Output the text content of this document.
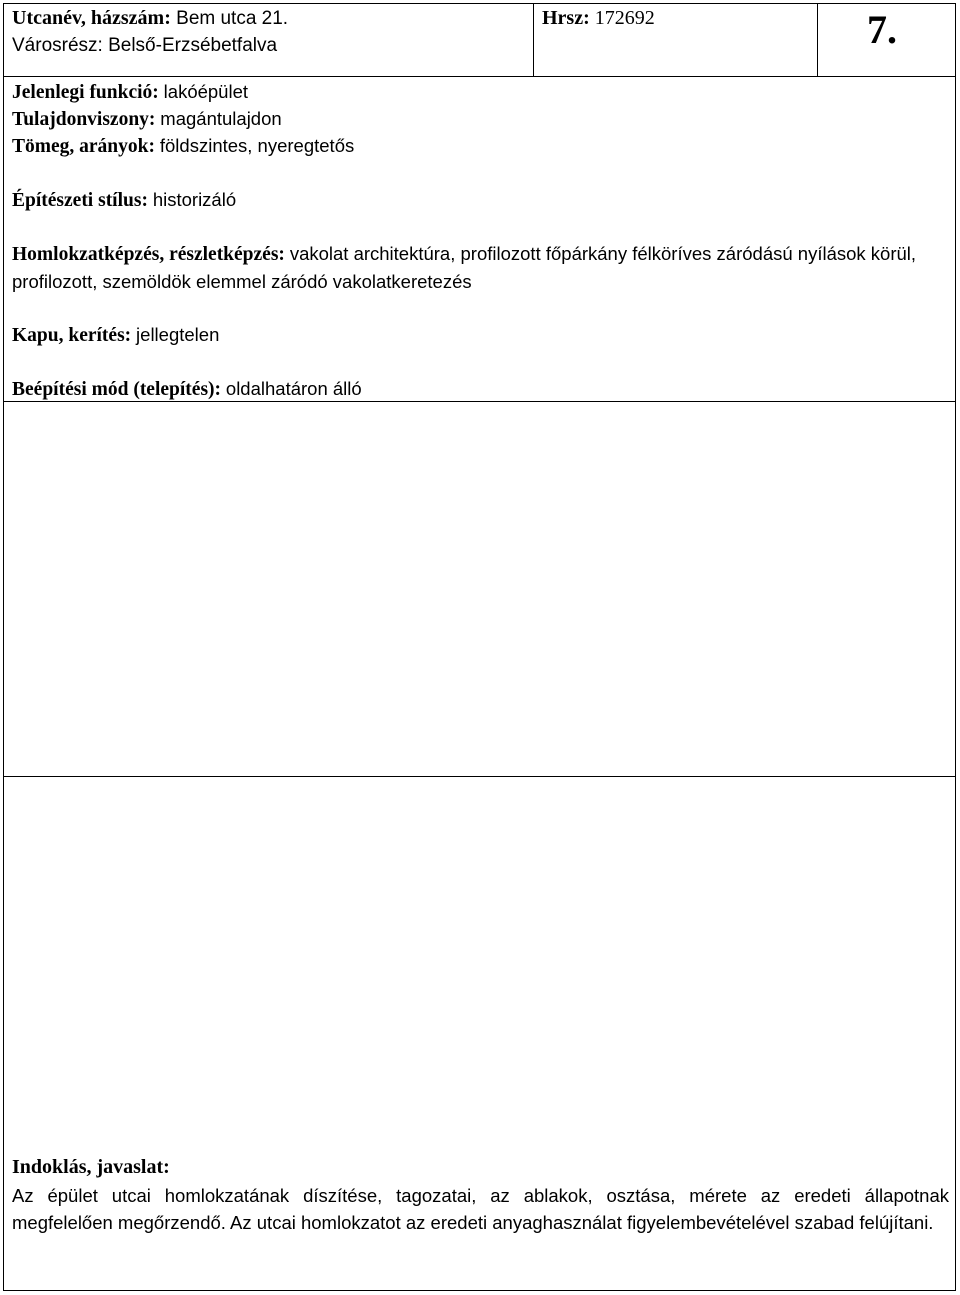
Utcanév, házszám: Bem utca 21.
Városrész: Belső-Erzsébetfalva
Hrsz: 172692	7.
Jelenlegi funkció: lakóépület
Tulajdonviszony: magántulajdon
Tömeg, arányok: földszintes, nyeregtetős
Építészeti stílus: historizáló
Homlokzatképzés, részletképzés: vakolat architektúra, profilozott főpárkány félköríves záródású nyílások körül, profilozott, szemöldök elemmel záródó vakolatkeretezés
Kapu, kerítés: jellegtelen
Beépítési mód (telepítés): oldalhatáron álló
Indoklás, javaslat:
Az épület utcai homlokzatának díszítése, tagozatai, az ablakok, osztása, mérete az eredeti állapotnak megfelelően megőrzendő. Az utcai homlokzatot az eredeti anyaghasználat figyelembevételével szabad felújítani.
